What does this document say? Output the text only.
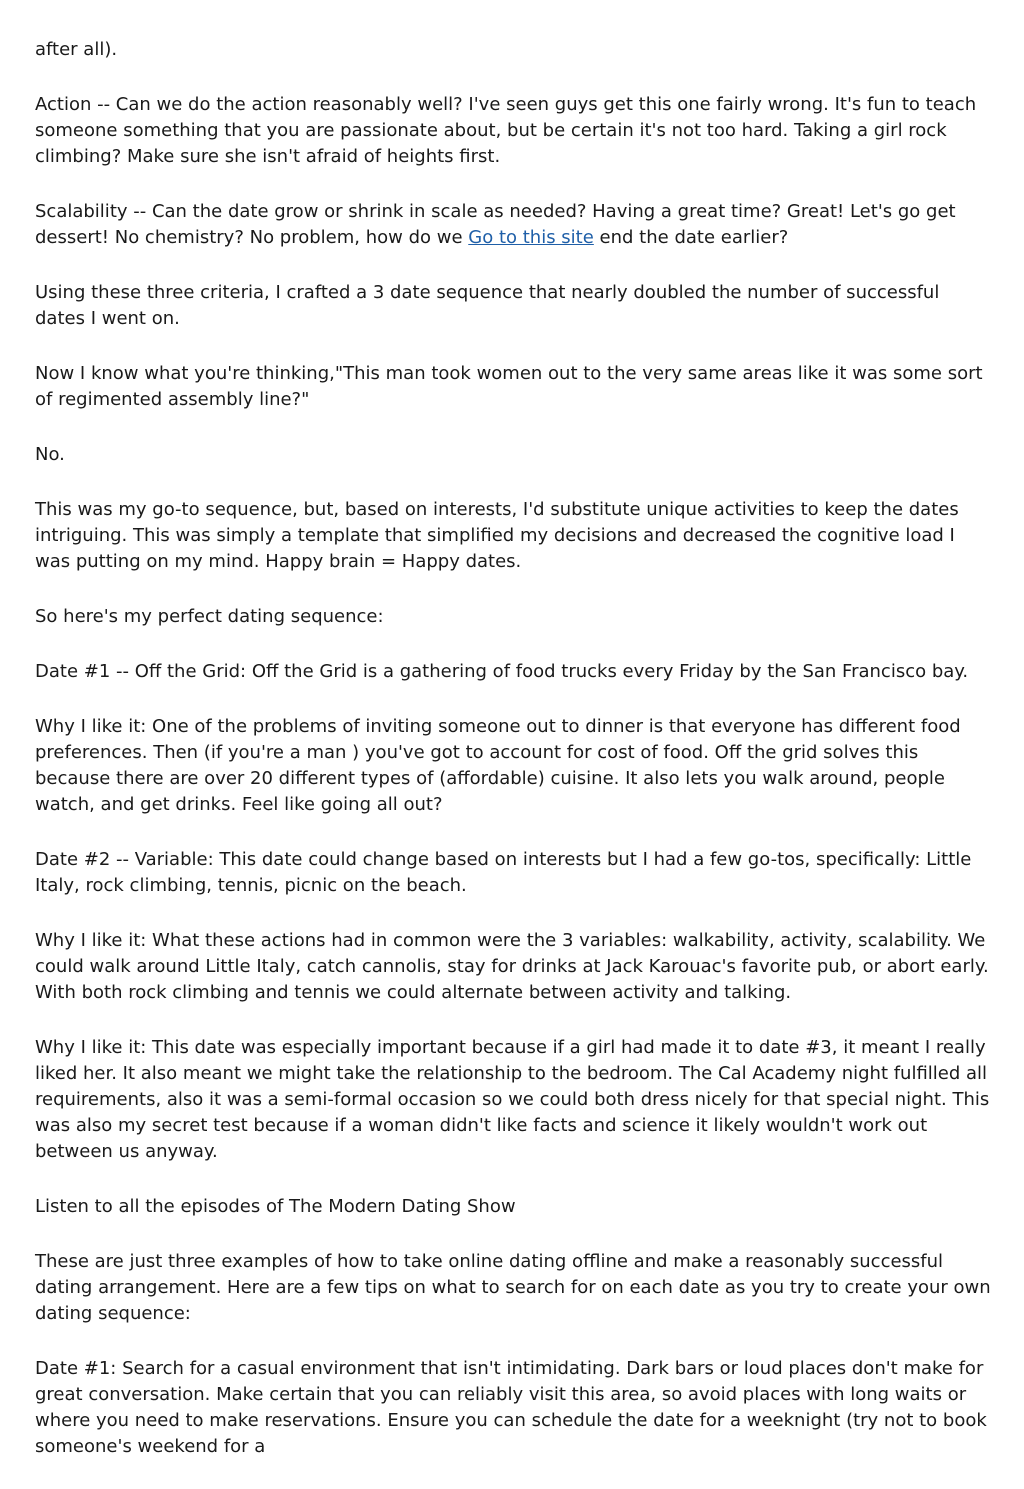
after all).

Action -- Can we do the action reasonably well? I've seen guys get this one fairly wrong. It's fun to teach someone something that you are passionate about, but be certain it's not too hard. Taking a girl rock climbing? Make sure she isn't afraid of heights first.

Scalability -- Can the date grow or shrink in scale as needed? Having a great time? Great! Let's go get dessert! No chemistry? No problem, how do we Go to this site end the date earlier?

Using these three criteria, I crafted a 3 date sequence that nearly doubled the number of successful dates I went on.

Now I know what you're thinking,"This man took women out to the very same areas like it was some sort of regimented assembly line?"

No.

This was my go-to sequence, but, based on interests, I'd substitute unique activities to keep the dates intriguing. This was simply a template that simplified my decisions and decreased the cognitive load I was putting on my mind. Happy brain = Happy dates.

So here's my perfect dating sequence:

Date #1 -- Off the Grid: Off the Grid is a gathering of food trucks every Friday by the San Francisco bay.

Why I like it: One of the problems of inviting someone out to dinner is that everyone has different food preferences. Then (if you're a man ) you've got to account for cost of food. Off the grid solves this because there are over 20 different types of (affordable) cuisine. It also lets you walk around, people watch, and get drinks. Feel like going all out?

Date #2 -- Variable: This date could change based on interests but I had a few go-tos, specifically: Little Italy, rock climbing, tennis, picnic on the beach.

Why I like it: What these actions had in common were the 3 variables: walkability, activity, scalability. We could walk around Little Italy, catch cannolis, stay for drinks at Jack Karouac's favorite pub, or abort early. With both rock climbing and tennis we could alternate between activity and talking.

Why I like it: This date was especially important because if a girl had made it to date #3, it meant I really liked her. It also meant we might take the relationship to the bedroom. The Cal Academy night fulfilled all requirements, also it was a semi-formal occasion so we could both dress nicely for that special night. This was also my secret test because if a woman didn't like facts and science it likely wouldn't work out between us anyway.

Listen to all the episodes of The Modern Dating Show

These are just three examples of how to take online dating offline and make a reasonably successful dating arrangement. Here are a few tips on what to search for on each date as you try to create your own dating sequence:

Date #1: Search for a casual environment that isn't intimidating. Dark bars or loud places don't make for great conversation. Make certain that you can reliably visit this area, so avoid places with long waits or where you need to make reservations. Ensure you can schedule the date for a weeknight (try not to book someone's weekend for a
